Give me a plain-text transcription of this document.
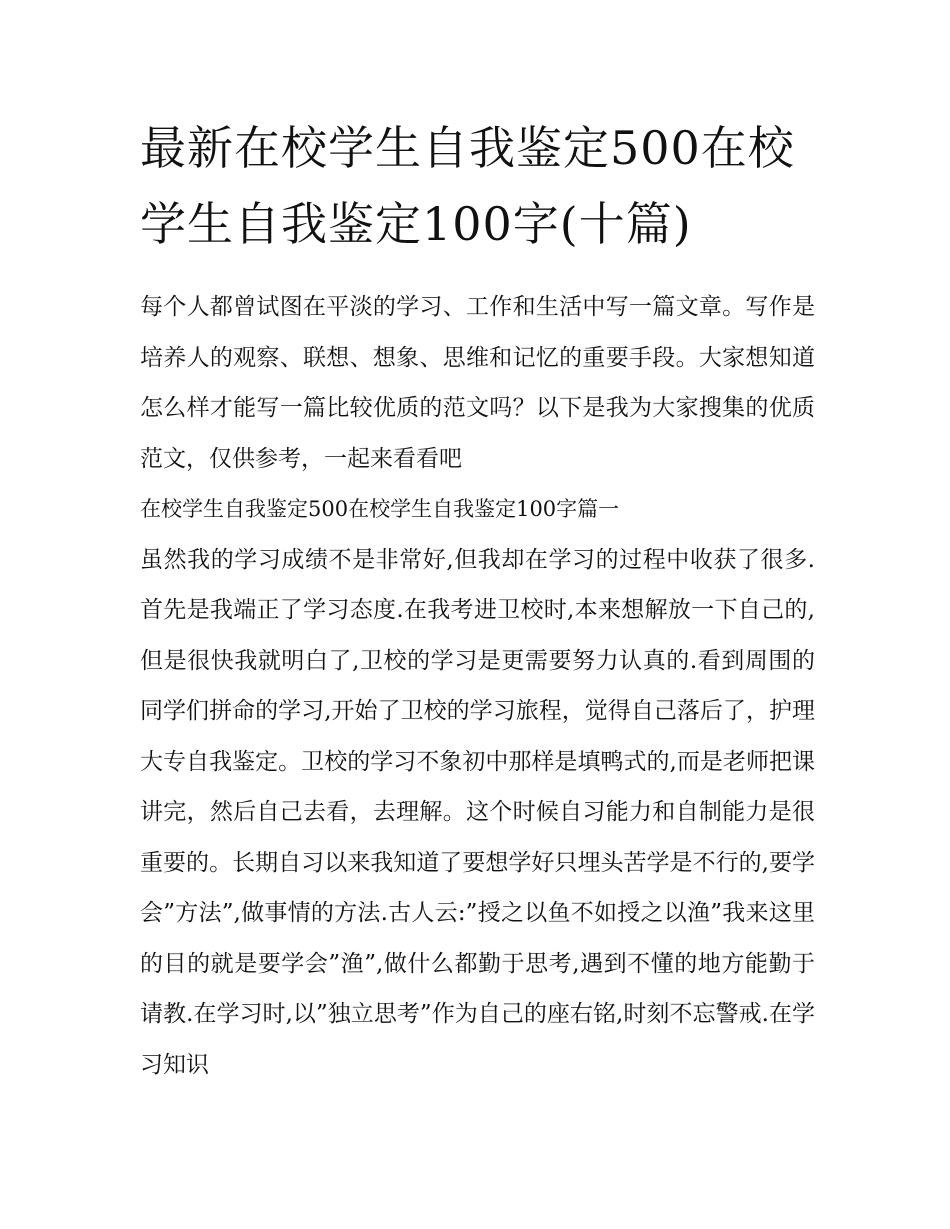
最新在校学生自我鉴定500在校学生自我鉴定100字(十篇)

每个人都曾试图在平淡的学习、工作和生活中写一篇文章。写作是培养人的观察、联想、想象、思维和记忆的重要手段。大家想知道怎么样才能写一篇比较优质的范文吗？以下是我为大家搜集的优质范文，仅供参考，一起来看看吧

在校学生自我鉴定500在校学生自我鉴定100字篇一

虽然我的学习成绩不是非常好,但我却在学习的过程中收获了很多.首先是我端正了学习态度.在我考进卫校时,本来想解放一下自己的,但是很快我就明白了,卫校的学习是更需要努力认真的.看到周围的同学们拼命的学习,开始了卫校的学习旅程，觉得自己落后了，护理大专自我鉴定。卫校的学习不象初中那样是填鸭式的,而是老师把课讲完，然后自己去看，去理解。这个时候自习能力和自制能力是很重要的。长期自习以来我知道了要想学好只埋头苦学是不行的,要学会”方法”,做事情的方法.古人云:”授之以鱼不如授之以渔”我来这里的目的就是要学会”渔”,做什么都勤于思考,遇到不懂的地方能勤于请教.在学习时,以”独立思考”作为自己的座右铭,时刻不忘警戒.在学习知识
